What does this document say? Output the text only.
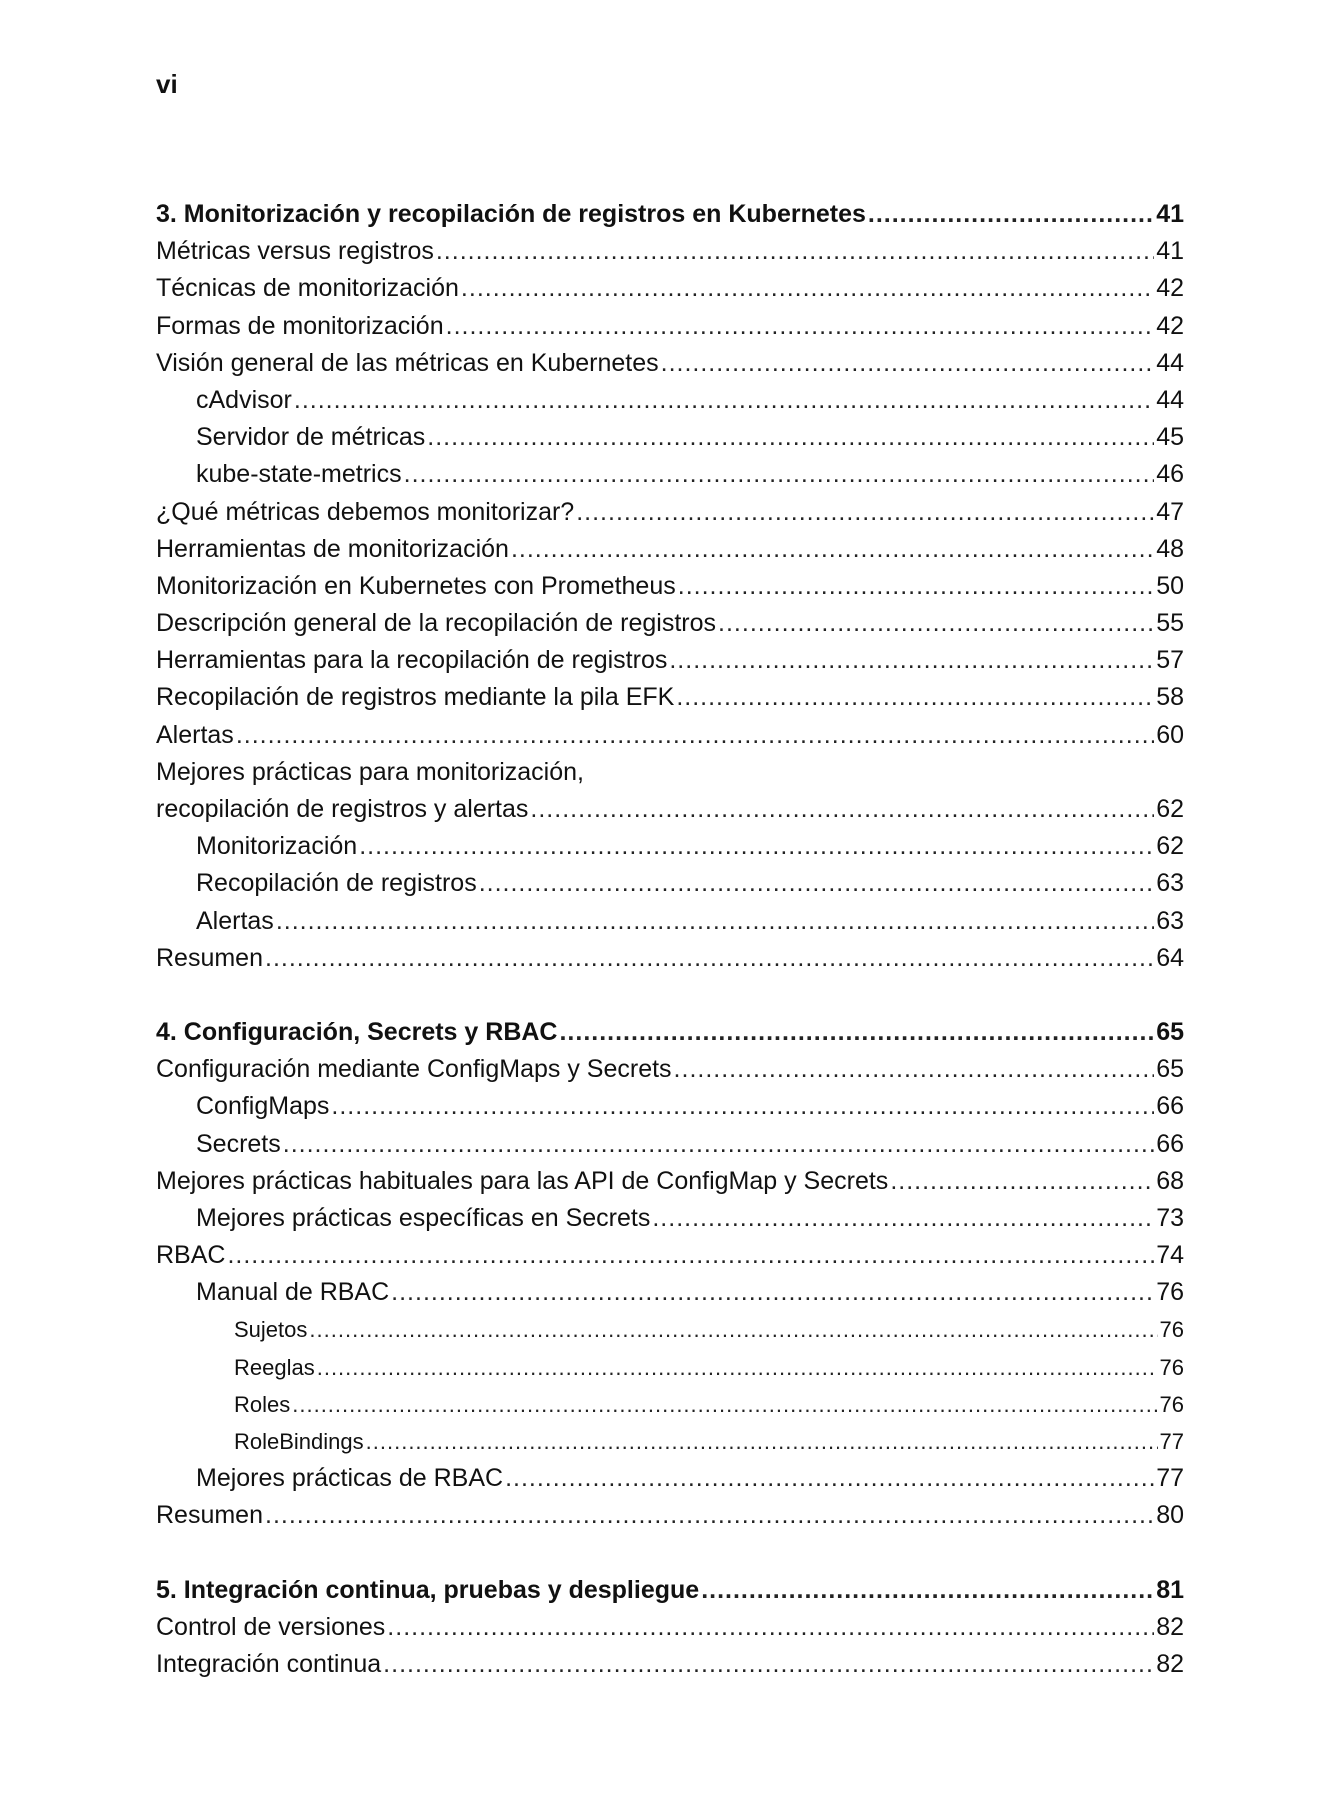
vi
3. Monitorización y recopilación de registros en Kubernetes .....	41
Métricas versus registros .....	41
Técnicas de monitorización .....	42
Formas de monitorización .....	42
Visión general de las métricas en Kubernetes .....	44
cAdvisor .....	44
Servidor de métricas .....	45
kube-state-metrics .....	46
¿Qué métricas debemos monitorizar? .....	47
Herramientas de monitorización .....	48
Monitorización en Kubernetes con Prometheus .....	50
Descripción general de la recopilación de registros .....	55
Herramientas para la recopilación de registros .....	57
Recopilación de registros mediante la pila EFK .....	58
Alertas .....	60
Mejores prácticas para monitorización,
recopilación de registros y alertas .....	62
Monitorización .....	62
Recopilación de registros .....	63
Alertas .....	63
Resumen .....	64
4. Configuración, Secrets y RBAC .....	65
Configuración mediante ConfigMaps y Secrets .....	65
ConfigMaps .....	66
Secrets .....	66
Mejores prácticas habituales para las API de ConfigMap y Secrets .....	68
Mejores prácticas específicas en Secrets .....	73
RBAC .....	74
Manual de RBAC .....	76
Sujetos .....	76
Reeglas .....	76
Roles .....	76
RoleBindings .....	77
Mejores prácticas de RBAC .....	77
Resumen .....	80
5. Integración continua, pruebas y despliegue .....	81
Control de versiones .....	82
Integración continua .....	82
